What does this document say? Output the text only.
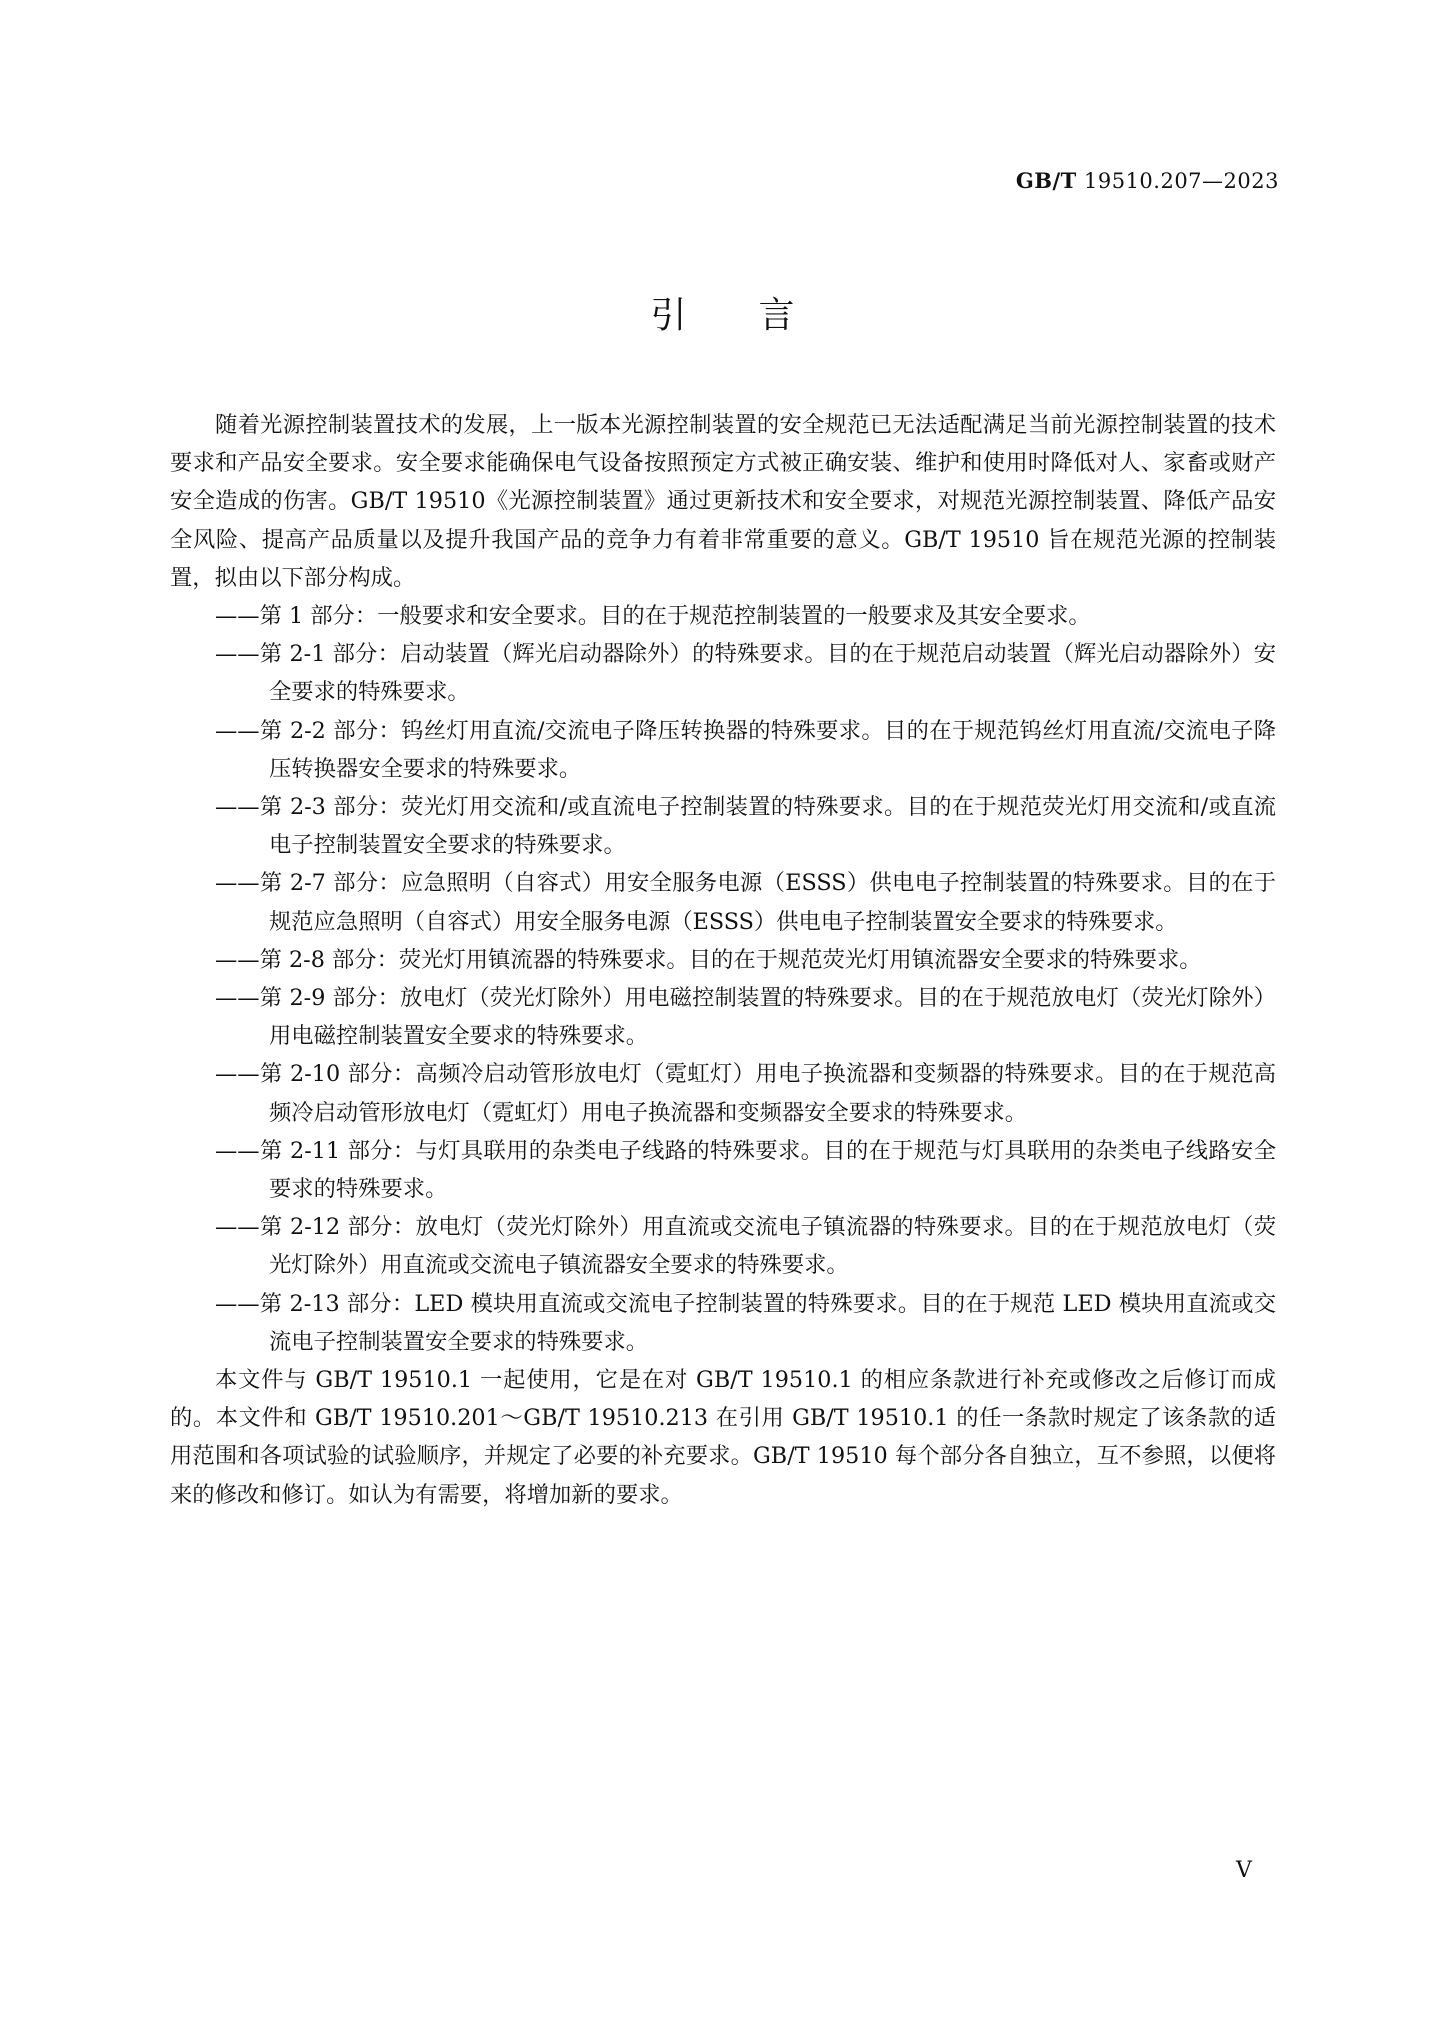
GB/T 19510.207—2023
引言

随着光源控制装置技术的发展，上一版本光源控制装置的安全规范已无法适配满足当前光源控制装置的技术要求和产品安全要求。安全要求能确保电气设备按照预定方式被正确安装、维护和使用时降低对人、家畜或财产安全造成的伤害。GB/T 19510《光源控制装置》通过更新技术和安全要求，对规范光源控制装置、降低产品安全风险、提高产品质量以及提升我国产品的竞争力有着非常重要的意义。GB/T 19510 旨在规范光源的控制装置，拟由以下部分构成。

——第 1 部分：一般要求和安全要求。目的在于规范控制装置的一般要求及其安全要求。

——第 2-1 部分：启动装置（辉光启动器除外）的特殊要求。目的在于规范启动装置（辉光启动器除外）安全要求的特殊要求。

——第 2-2 部分：钨丝灯用直流/交流电子降压转换器的特殊要求。目的在于规范钨丝灯用直流/交流电子降压转换器安全要求的特殊要求。

——第 2-3 部分：荧光灯用交流和/或直流电子控制装置的特殊要求。目的在于规范荧光灯用交流和/或直流电子控制装置安全要求的特殊要求。

——第 2-7 部分：应急照明（自容式）用安全服务电源（ESSS）供电电子控制装置的特殊要求。目的在于规范应急照明（自容式）用安全服务电源（ESSS）供电电子控制装置安全要求的特殊要求。

——第 2-8 部分：荧光灯用镇流器的特殊要求。目的在于规范荧光灯用镇流器安全要求的特殊要求。

——第 2-9 部分：放电灯（荧光灯除外）用电磁控制装置的特殊要求。目的在于规范放电灯（荧光灯除外）用电磁控制装置安全要求的特殊要求。

——第 2-10 部分：高频冷启动管形放电灯（霓虹灯）用电子换流器和变频器的特殊要求。目的在于规范高频冷启动管形放电灯（霓虹灯）用电子换流器和变频器安全要求的特殊要求。

——第 2-11 部分：与灯具联用的杂类电子线路的特殊要求。目的在于规范与灯具联用的杂类电子线路安全要求的特殊要求。

——第 2-12 部分：放电灯（荧光灯除外）用直流或交流电子镇流器的特殊要求。目的在于规范放电灯（荧光灯除外）用直流或交流电子镇流器安全要求的特殊要求。

——第 2-13 部分：LED 模块用直流或交流电子控制装置的特殊要求。目的在于规范 LED 模块用直流或交流电子控制装置安全要求的特殊要求。

本文件与 GB/T 19510.1 一起使用，它是在对 GB/T 19510.1 的相应条款进行补充或修改之后修订而成的。本文件和 GB/T 19510.201～GB/T 19510.213 在引用 GB/T 19510.1 的任一条款时规定了该条款的适用范围和各项试验的试验顺序，并规定了必要的补充要求。GB/T 19510 每个部分各自独立，互不参照，以便将来的修改和修订。如认为有需要，将增加新的要求。

V
